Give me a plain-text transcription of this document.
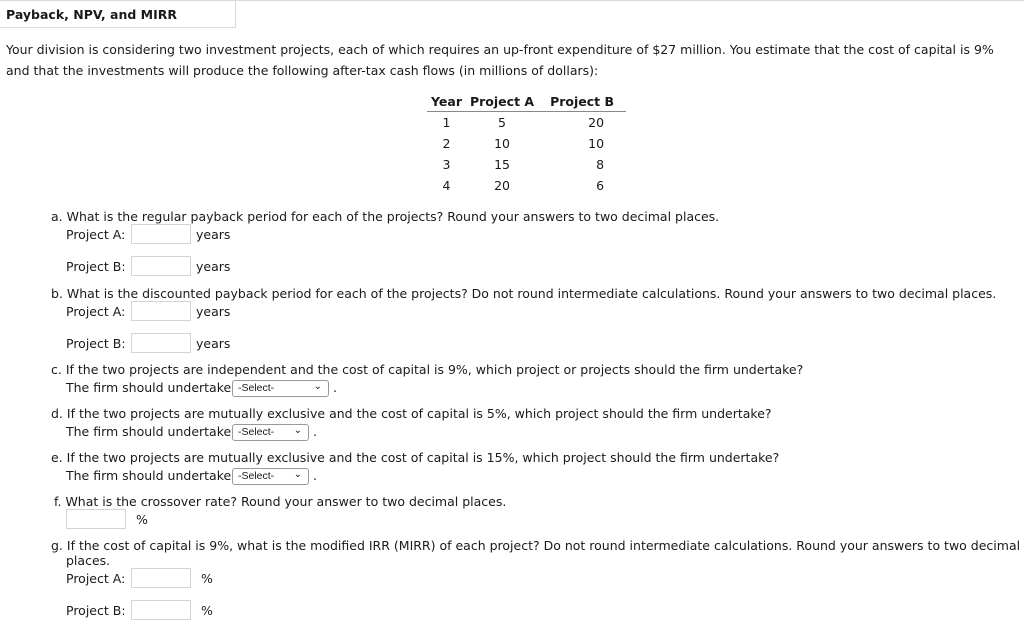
Payback, NPV, and MIRR
Your division is considering two investment projects, each of which requires an up-front expenditure of $27 million. You estimate that the cost of capital is 9% and that the investments will produce the following after-tax cash flows (in millions of dollars):
Year	Project A	Project B
1	5	20
2	10	10
3	15	8
4	20	6
a. What is the regular payback period for each of the projects? Round your answers to two decimal places.
Project A:	years
Project B:	years
b. What is the discounted payback period for each of the projects? Do not round intermediate calculations. Round your answers to two decimal places.
Project A:	years
Project B:	years
c. If the two projects are independent and the cost of capital is 9%, which project or projects should the firm undertake?
The firm should undertake -Select-	⌄ .
d. If the two projects are mutually exclusive and the cost of capital is 5%, which project should the firm undertake?
The firm should undertake -Select- ⌄ .
e. If the two projects are mutually exclusive and the cost of capital is 15%, which project should the firm undertake?
The firm should undertake -Select- ⌄ .
f. What is the crossover rate? Round your answer to two decimal places.
%
g. If the cost of capital is 9%, what is the modified IRR (MIRR) of each project? Do not round intermediate calculations. Round your answers to two decimal
places.
Project A:	%
Project B:	%
